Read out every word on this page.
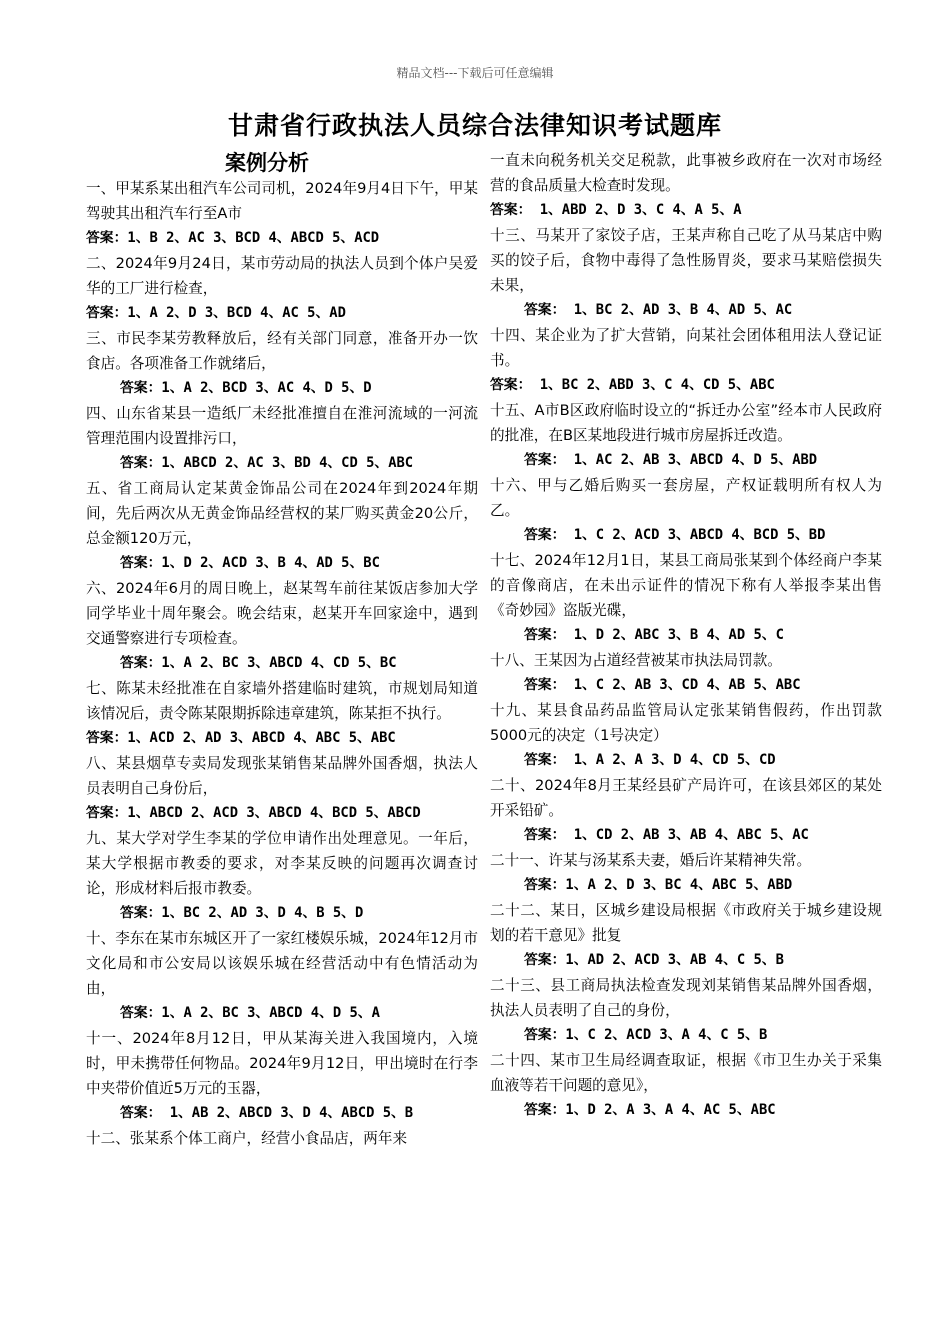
精品文档---下载后可任意编辑
甘肃省行政执法人员综合法律知识考试题库
案例分析

一、甲某系某出租汽车公司司机，2024年9月4日下午，甲某驾驶其出租汽车行至A市

答案：1、B 2、AC 3、BCD 4、ABCD 5、ACD

二、2024年9月24日，某市劳动局的执法人员到个体户吴爱华的工厂进行检查，

答案：1、A 2、D 3、BCD 4、AC 5、AD

三、市民李某劳教释放后，经有关部门同意，准备开办一饮食店。各项准备工作就绪后，

答案：1、A 2、BCD 3、AC 4、D 5、D

四、山东省某县一造纸厂未经批准擅自在淮河流域的一河流管理范围内设置排污口，

答案：1、ABCD 2、AC 3、BD 4、CD 5、ABC

五、省工商局认定某黄金饰品公司在2024年到2024年期间，先后两次从无黄金饰品经营权的某厂购买黄金20公斤，总金额120万元，

答案：1、D 2、ACD 3、B 4、AD 5、BC

六、2024年6月的周日晚上，赵某驾车前往某饭店参加大学同学毕业十周年聚会。晚会结束，赵某开车回家途中，遇到交通警察进行专项检查。

答案：1、A 2、BC 3、ABCD 4、CD 5、BC

七、陈某未经批准在自家墙外搭建临时建筑，市规划局知道该情况后，责令陈某限期拆除违章建筑，陈某拒不执行。

答案：1、ACD 2、AD 3、ABCD 4、ABC 5、ABC

八、某县烟草专卖局发现张某销售某品牌外国香烟，执法人员表明自己身份后，

答案：1、ABCD 2、ACD 3、ABCD 4、BCD 5、ABCD

九、某大学对学生李某的学位申请作出处理意见。一年后，某大学根据市教委的要求，对李某反映的问题再次调查讨论，形成材料后报市教委。

答案：1、BC 2、AD 3、D 4、B 5、D

十、李东在某市东城区开了一家红楼娱乐城，2024年12月市文化局和市公安局以该娱乐城在经营活动中有色情活动为由，

答案：1、A 2、BC 3、ABCD 4、D 5、A

十一、2024年8月12日，甲从某海关进入我国境内，入境时，甲未携带任何物品。2024年9月12日，甲出境时在行李中夹带价值近5万元的玉器，

答案： 1、AB 2、ABCD 3、D 4、ABCD 5、B

十二、张某系个体工商户，经营小食品店，两年来

一直未向税务机关交足税款，此事被乡政府在一次对市场经营的食品质量大检查时发现。

答案： 1、ABD 2、D 3、C 4、A 5、A

十三、马某开了家饺子店，王某声称自己吃了从马某店中购买的饺子后，食物中毒得了急性肠胃炎，要求马某赔偿损失未果，

答案： 1、BC 2、AD 3、B 4、AD 5、AC

十四、某企业为了扩大营销，向某社会团体租用法人登记证书。

答案： 1、BC 2、ABD 3、C 4、CD 5、ABC

十五、A市B区政府临时设立的“拆迁办公室”经本市人民政府的批准，在B区某地段进行城市房屋拆迁改造。

答案： 1、AC 2、AB 3、ABCD 4、D 5、ABD

十六、甲与乙婚后购买一套房屋，产权证载明所有权人为乙。

答案： 1、C 2、ACD 3、ABCD 4、BCD 5、BD

十七、2024年12月1日，某县工商局张某到个体经商户李某的音像商店，在未出示证件的情况下称有人举报李某出售《奇妙园》盗版光碟，

答案： 1、D 2、ABC 3、B 4、AD 5、C

十八、王某因为占道经营被某市执法局罚款。

答案： 1、C 2、AB 3、CD 4、AB 5、ABC

十九、某县食品药品监管局认定张某销售假药，作出罚款5000元的决定（1号决定）

答案： 1、A 2、A 3、D 4、CD 5、CD

二十、2024年8月王某经县矿产局许可，在该县郊区的某处开采铅矿。

答案： 1、CD 2、AB 3、AB 4、ABC 5、AC

二十一、许某与汤某系夫妻，婚后许某精神失常。

答案：1、A 2、D 3、BC 4、ABC 5、ABD

二十二、某日，区城乡建设局根据《市政府关于城乡建设规划的若干意见》批复

答案：1、AD 2、ACD 3、AB 4、C 5、B

二十三、县工商局执法检查发现刘某销售某品牌外国香烟，执法人员表明了自己的身份，

答案：1、C 2、ACD 3、A 4、C 5、B

二十四、某市卫生局经调查取证，根据《市卫生办关于采集血液等若干问题的意见》，

答案：1、D 2、A 3、A 4、AC 5、ABC
